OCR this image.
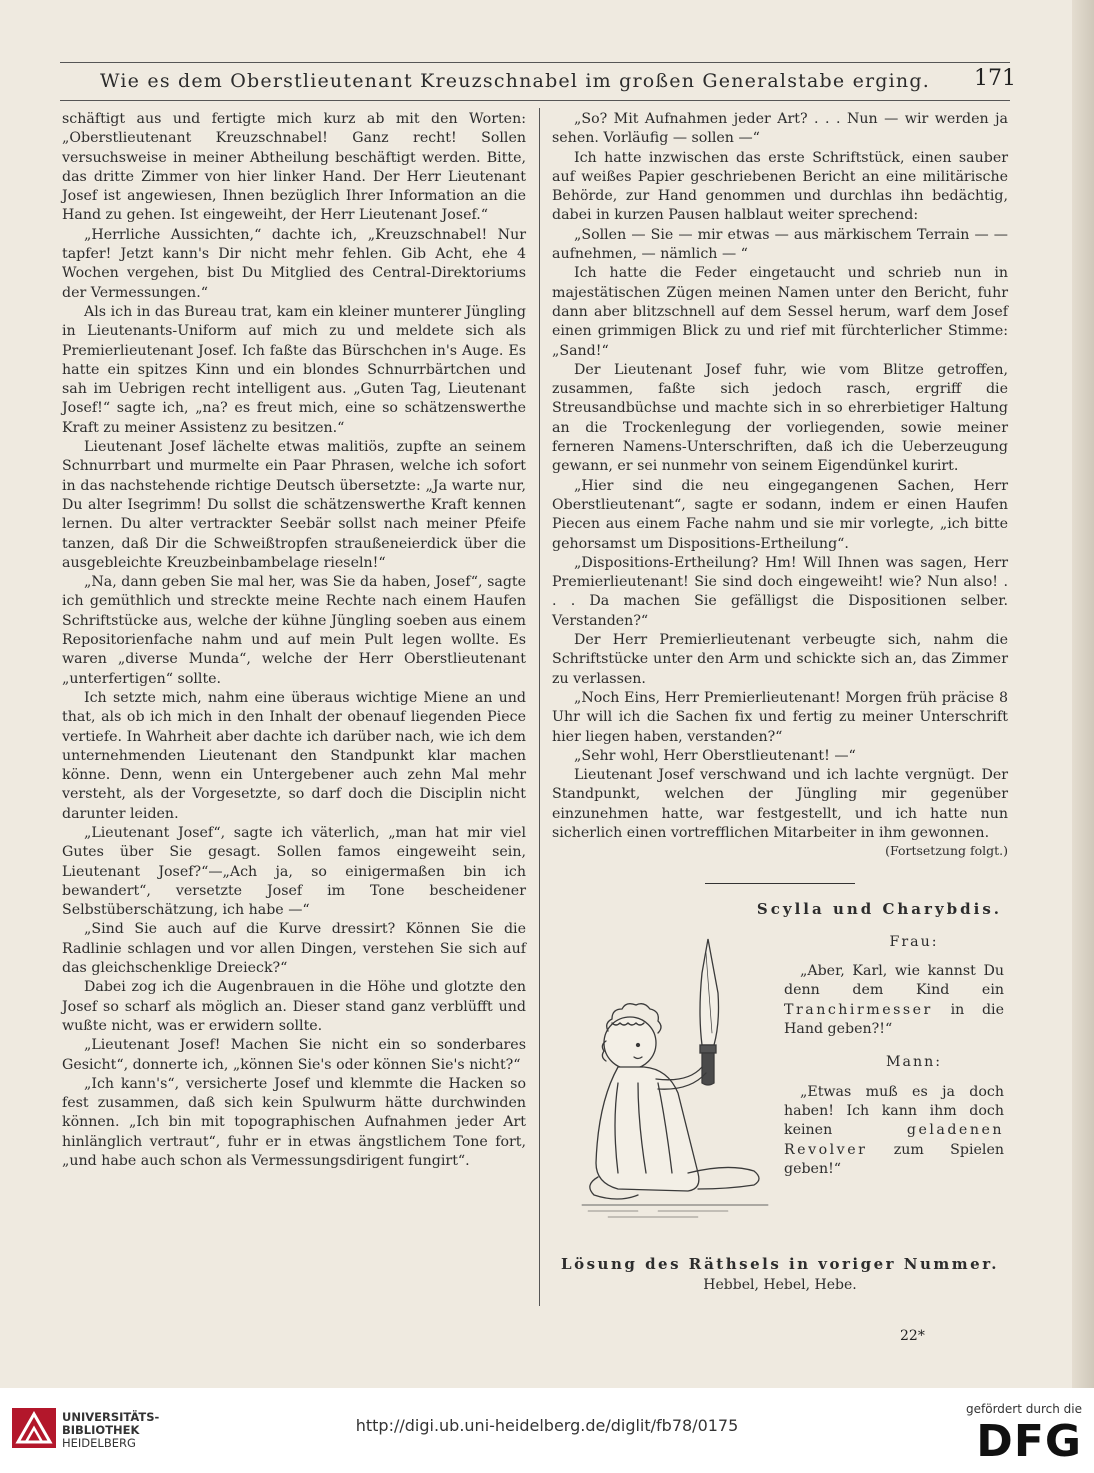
Wie es dem Oberstlieutenant Kreuzschnabel im großen Generalstabe erging.	171

schäftigt aus und fertigte mich kurz ab mit den Worten: „Oberstlieutenant Kreuzschnabel! Ganz recht! Sollen versuchsweise in meiner Abtheilung beschäftigt werden. Bitte, das dritte Zimmer von hier linker Hand. Der Herr Lieutenant Josef ist angewiesen, Ihnen bezüglich Ihrer Information an die Hand zu gehen. Ist eingeweiht, der Herr Lieutenant Josef.“

„Herrliche Aussichten,“ dachte ich, „Kreuzschnabel! Nur tapfer! Jetzt kann's Dir nicht mehr fehlen. Gib Acht, ehe 4 Wochen vergehen, bist Du Mitglied des Central-Direktoriums der Vermessungen.“

Als ich in das Bureau trat, kam ein kleiner munterer Jüngling in Lieutenants-Uniform auf mich zu und meldete sich als Premierlieutenant Josef. Ich faßte das Bürschchen in's Auge. Es hatte ein spitzes Kinn und ein blondes Schnurrbärtchen und sah im Uebrigen recht intelligent aus. „Guten Tag, Lieutenant Josef!“ sagte ich, „na? es freut mich, eine so schätzenswerthe Kraft zu meiner Assistenz zu besitzen.“

Lieutenant Josef lächelte etwas malitiös, zupfte an seinem Schnurrbart und murmelte ein Paar Phrasen, welche ich sofort in das nachstehende richtige Deutsch übersetzte: „Ja warte nur, Du alter Isegrimm! Du sollst die schätzenswerthe Kraft kennen lernen. Du alter vertrackter Seebär sollst nach meiner Pfeife tanzen, daß Dir die Schweißtropfen straußeneierdick über die ausgebleichte Kreuzbeinbambelage rieseln!“

„Na, dann geben Sie mal her, was Sie da haben, Josef“, sagte ich gemüthlich und streckte meine Rechte nach einem Haufen Schriftstücke aus, welche der kühne Jüngling soeben aus einem Repositorienfache nahm und auf mein Pult legen wollte. Es waren „diverse Munda“, welche der Herr Oberstlieutenant „unterfertigen“ sollte.

Ich setzte mich, nahm eine überaus wichtige Miene an und that, als ob ich mich in den Inhalt der obenauf liegenden Piece vertiefe. In Wahrheit aber dachte ich darüber nach, wie ich dem unternehmenden Lieutenant den Standpunkt klar machen könne. Denn, wenn ein Untergebener auch zehn Mal mehr versteht, als der Vorgesetzte, so darf doch die Disciplin nicht darunter leiden.

„Lieutenant Josef“, sagte ich väterlich, „man hat mir viel Gutes über Sie gesagt. Sollen famos eingeweiht sein, Lieutenant Josef?“—„Ach ja, so einigermaßen bin ich bewandert“, versetzte Josef im Tone bescheidener Selbstüberschätzung, ich habe —“

„Sind Sie auch auf die Kurve dressirt? Können Sie die Radlinie schlagen und vor allen Dingen, verstehen Sie sich auf das gleichschenklige Dreieck?“

Dabei zog ich die Augenbrauen in die Höhe und glotzte den Josef so scharf als möglich an. Dieser stand ganz verblüfft und wußte nicht, was er erwidern sollte.

„Lieutenant Josef! Machen Sie nicht ein so sonderbares Gesicht“, donnerte ich, „können Sie's oder können Sie's nicht?“

„Ich kann's“, versicherte Josef und klemmte die Hacken so fest zusammen, daß sich kein Spulwurm hätte durchwinden können. „Ich bin mit topographischen Aufnahmen jeder Art hinlänglich vertraut“, fuhr er in etwas ängstlichem Tone fort, „und habe auch schon als Vermessungsdirigent fungirt“.

„So? Mit Aufnahmen jeder Art? . . . Nun — wir werden ja sehen. Vorläufig — sollen —“

Ich hatte inzwischen das erste Schriftstück, einen sauber auf weißes Papier geschriebenen Bericht an eine militärische Behörde, zur Hand genommen und durchlas ihn bedächtig, dabei in kurzen Pausen halblaut weiter sprechend:

„Sollen — Sie — mir etwas — aus märkischem Terrain — — aufnehmen, — nämlich — “

Ich hatte die Feder eingetaucht und schrieb nun in majestätischen Zügen meinen Namen unter den Bericht, fuhr dann aber blitzschnell auf dem Sessel herum, warf dem Josef einen grimmigen Blick zu und rief mit fürchterlicher Stimme: „Sand!“

Der Lieutenant Josef fuhr, wie vom Blitze getroffen, zusammen, faßte sich jedoch rasch, ergriff die Streusandbüchse und machte sich in so ehrerbietiger Haltung an die Trockenlegung der vorliegenden, sowie meiner ferneren Namens-Unterschriften, daß ich die Ueberzeugung gewann, er sei nunmehr von seinem Eigendünkel kurirt.

„Hier sind die neu eingegangenen Sachen, Herr Oberstlieutenant“, sagte er sodann, indem er einen Haufen Piecen aus einem Fache nahm und sie mir vorlegte, „ich bitte gehorsamst um Dispositions-Ertheilung“.

„Dispositions-Ertheilung? Hm! Will Ihnen was sagen, Herr Premierlieutenant! Sie sind doch eingeweiht! wie? Nun also! . . . Da machen Sie gefälligst die Dispositionen selber. Verstanden?“

Der Herr Premierlieutenant verbeugte sich, nahm die Schriftstücke unter den Arm und schickte sich an, das Zimmer zu verlassen.

„Noch Eins, Herr Premierlieutenant! Morgen früh präcise 8 Uhr will ich die Sachen fix und fertig zu meiner Unterschrift hier liegen haben, verstanden?“

„Sehr wohl, Herr Oberstlieutenant! —“

Lieutenant Josef verschwand und ich lachte vergnügt. Der Standpunkt, welchen der Jüngling mir gegenüber einzunehmen hatte, war festgestellt, und ich hatte nun sicherlich einen vortrefflichen Mitarbeiter in ihm gewonnen.

(Fortsetzung folgt.)
Scylla und Charybdis.
Frau:

„Aber, Karl, wie kannst Du denn dem Kind ein Tranchirmesser in die Hand geben?!“

Mann:

„Etwas muß es ja doch haben! Ich kann ihm doch keinen geladenen Revolver zum Spielen geben!“

Lösung des Räthsels in voriger Nummer.
Hebbel, Hebel, Hebe.
22*
UNIVERSITÄTS-
BIBLIOTHEK
HEIDELBERG
http://digi.ub.uni-heidelberg.de/diglit/fb78/0175
gefördert durch die
DFG
